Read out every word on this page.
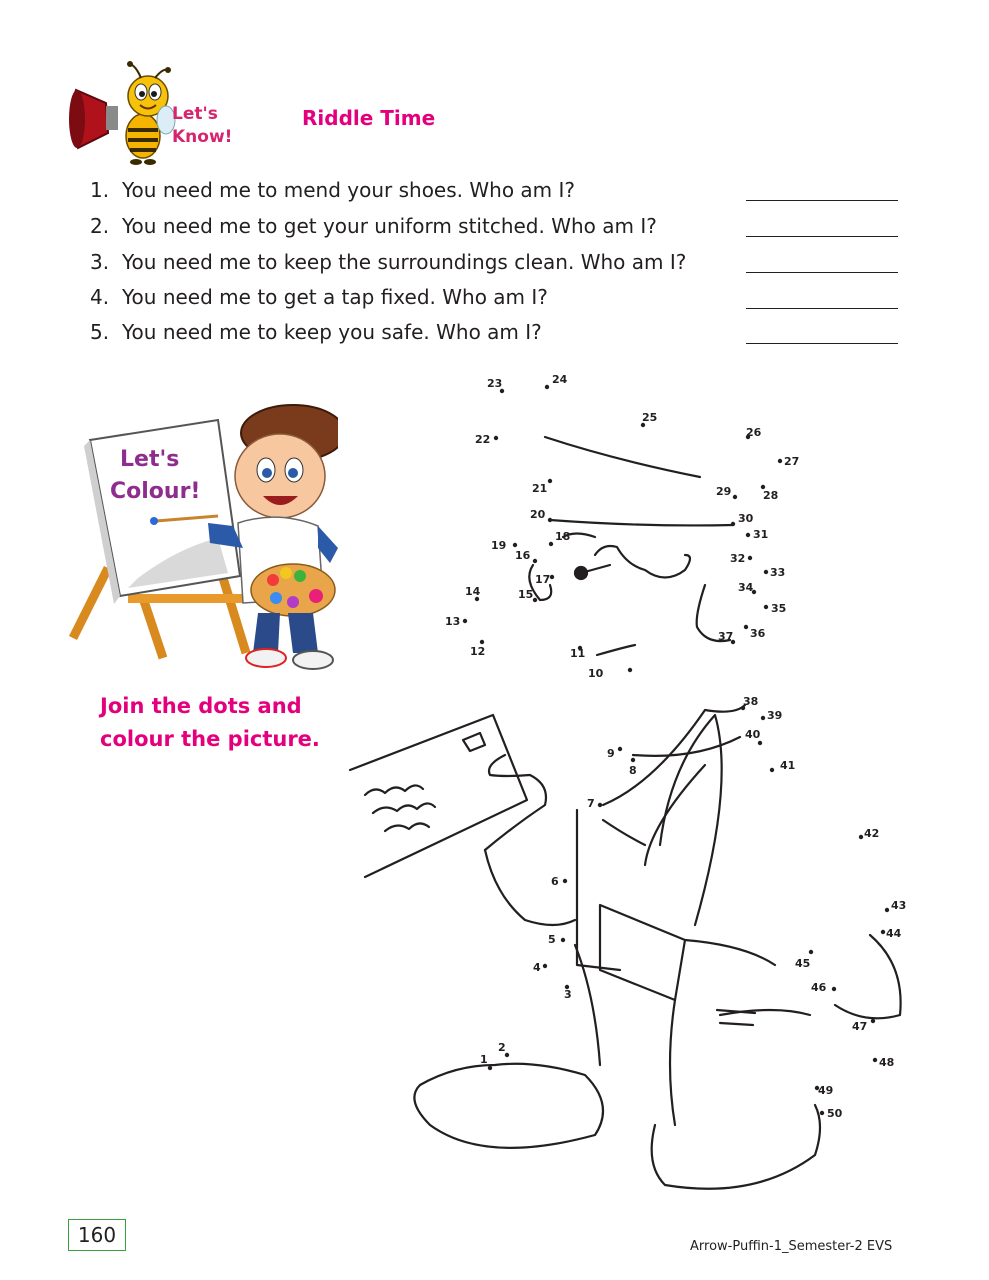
Let's
Know!
Riddle Time
1. You need me to mend your shoes. Who am I?
2. You need me to get your uniform stitched. Who am I?
3. You need me to keep the surroundings clean. Who am I?
4. You need me to get a tap fixed. Who am I?
5. You need me to keep you safe. Who am I?
Let's
Colour!
Join the dots and
colour the picture.
1
2
3
4
5
6
7
8
9
10
11
12
13
14	15
16
17
18
19
20
21
22
23	24
25
26
27
28
29
30
31
32
33
34
35
36
37
38
39
40
41
42
43
44
45
46
47
48
49
50
160	Arrow-Puffin-1_Semester-2 EVS
